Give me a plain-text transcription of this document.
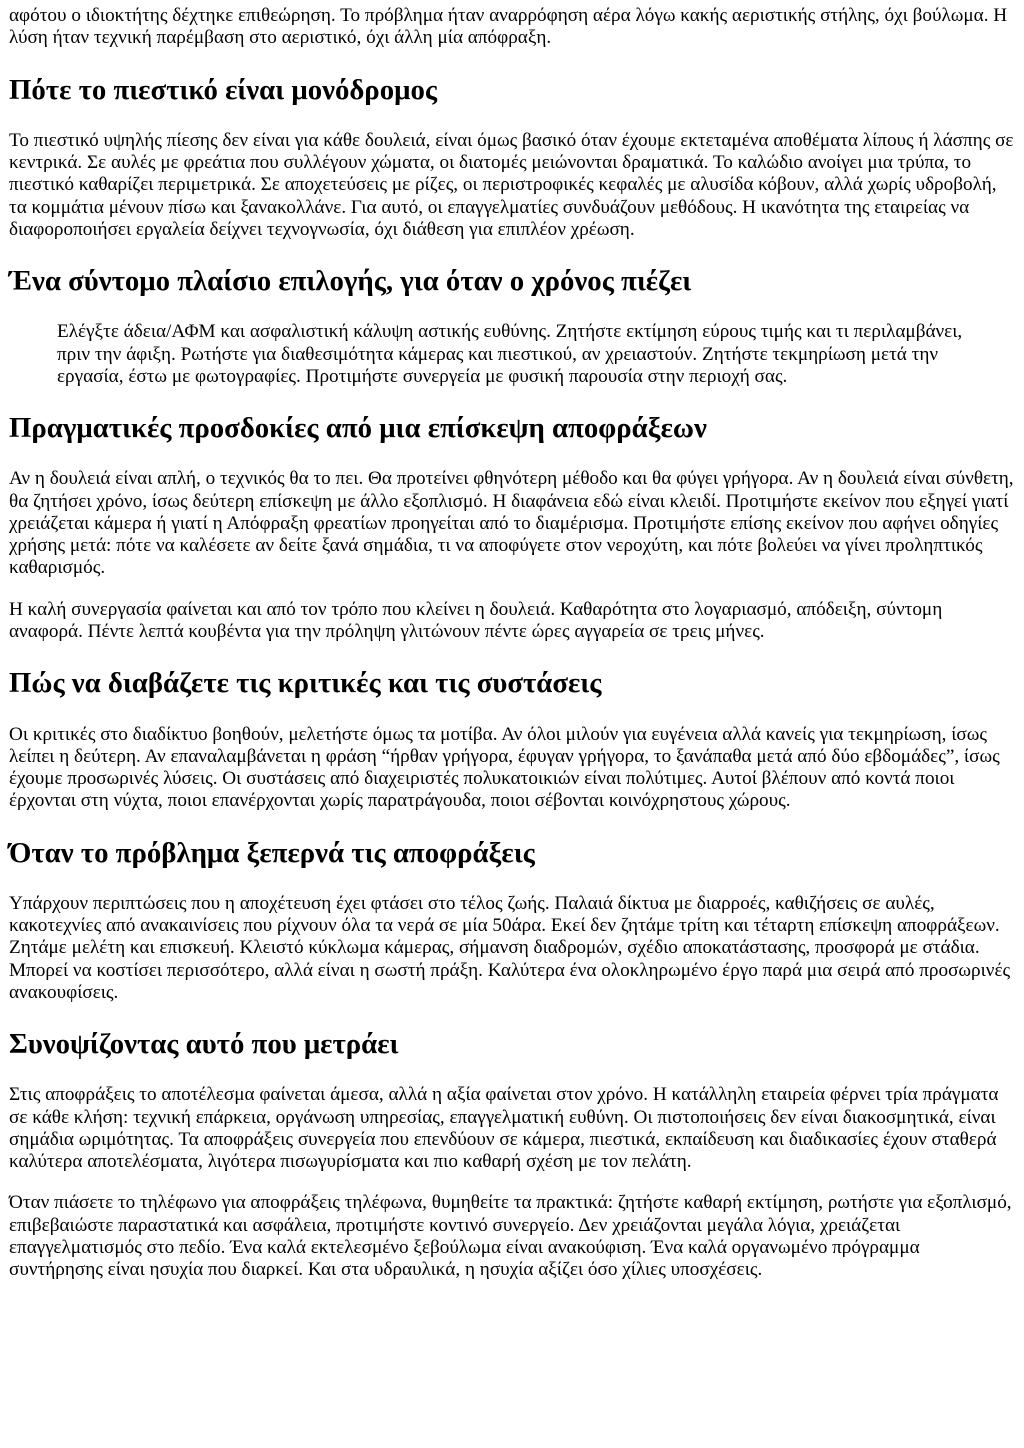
αφότου ο ιδιοκτήτης δέχτηκε επιθεώρηση. Το πρόβλημα ήταν αναρρόφηση αέρα λόγω κακής αεριστικής στήλης, όχι βούλωμα. Η λύση ήταν τεχνική παρέμβαση στο αεριστικό, όχι άλλη μία απόφραξη.

Πότε το πιεστικό είναι μονόδρομος

Το πιεστικό υψηλής πίεσης δεν είναι για κάθε δουλειά, είναι όμως βασικό όταν έχουμε εκτεταμένα αποθέματα λίπους ή λάσπης σε κεντρικά. Σε αυλές με φρεάτια που συλλέγουν χώματα, οι διατομές μειώνονται δραματικά. Το καλώδιο ανοίγει μια τρύπα, το πιεστικό καθαρίζει περιμετρικά. Σε αποχετεύσεις με ρίζες, οι περιστροφικές κεφαλές με αλυσίδα κόβουν, αλλά χωρίς υδροβολή, τα κομμάτια μένουν πίσω και ξανακολλάνε. Για αυτό, οι επαγγελματίες συνδυάζουν μεθόδους. Η ικανότητα της εταιρείας να διαφοροποιήσει εργαλεία δείχνει τεχνογνωσία, όχι διάθεση για επιπλέον χρέωση.

Ένα σύντομο πλαίσιο επιλογής, για όταν ο χρόνος πιέζει
Ελέγξτε άδεια/ΑΦΜ και ασφαλιστική κάλυψη αστικής ευθύνης. Ζητήστε εκτίμηση εύρους τιμής και τι περιλαμβάνει, πριν την άφιξη. Ρωτήστε για διαθεσιμότητα κάμερας και πιεστικού, αν χρειαστούν. Ζητήστε τεκμηρίωση μετά την εργασία, έστω με φωτογραφίες. Προτιμήστε συνεργεία με φυσική παρουσία στην περιοχή σας.
Πραγματικές προσδοκίες από μια επίσκεψη αποφράξεων

Αν η δουλειά είναι απλή, ο τεχνικός θα το πει. Θα προτείνει φθηνότερη μέθοδο και θα φύγει γρήγορα. Αν η δουλειά είναι σύνθετη, θα ζητήσει χρόνο, ίσως δεύτερη επίσκεψη με άλλο εξοπλισμό. Η διαφάνεια εδώ είναι κλειδί. Προτιμήστε εκείνον που εξηγεί γιατί χρειάζεται κάμερα ή γιατί η Απόφραξη φρεατίων προηγείται από το διαμέρισμα. Προτιμήστε επίσης εκείνον που αφήνει οδηγίες χρήσης μετά: πότε να καλέσετε αν δείτε ξανά σημάδια, τι να αποφύγετε στον νεροχύτη, και πότε βολεύει να γίνει προληπτικός καθαρισμός.

Η καλή συνεργασία φαίνεται και από τον τρόπο που κλείνει η δουλειά. Καθαρότητα στο λογαριασμό, απόδειξη, σύντομη αναφορά. Πέντε λεπτά κουβέντα για την πρόληψη γλιτώνουν πέντε ώρες αγγαρεία σε τρεις μήνες.

Πώς να διαβάζετε τις κριτικές και τις συστάσεις

Οι κριτικές στο διαδίκτυο βοηθούν, μελετήστε όμως τα μοτίβα. Αν όλοι μιλούν για ευγένεια αλλά κανείς για τεκμηρίωση, ίσως λείπει η δεύτερη. Αν επαναλαμβάνεται η φράση “ήρθαν γρήγορα, έφυγαν γρήγορα, το ξανάπαθα μετά από δύο εβδομάδες”, ίσως έχουμε προσωρινές λύσεις. Οι συστάσεις από διαχειριστές πολυκατοικιών είναι πολύτιμες. Αυτοί βλέπουν από κοντά ποιοι έρχονται στη νύχτα, ποιοι επανέρχονται χωρίς παρατράγουδα, ποιοι σέβονται κοινόχρηστους χώρους.

Όταν το πρόβλημα ξεπερνά τις αποφράξεις

Υπάρχουν περιπτώσεις που η αποχέτευση έχει φτάσει στο τέλος ζωής. Παλαιά δίκτυα με διαρροές, καθιζήσεις σε αυλές, κακοτεχνίες από ανακαινίσεις που ρίχνουν όλα τα νερά σε μία 50άρα. Εκεί δεν ζητάμε τρίτη και τέταρτη επίσκεψη αποφράξεων. Ζητάμε μελέτη και επισκευή. Κλειστό κύκλωμα κάμερας, σήμανση διαδρομών, σχέδιο αποκατάστασης, προσφορά με στάδια. Μπορεί να κοστίσει περισσότερο, αλλά είναι η σωστή πράξη. Καλύτερα ένα ολοκληρωμένο έργο παρά μια σειρά από προσωρινές ανακουφίσεις.

Συνοψίζοντας αυτό που μετράει

Στις αποφράξεις το αποτέλεσμα φαίνεται άμεσα, αλλά η αξία φαίνεται στον χρόνο. Η κατάλληλη εταιρεία φέρνει τρία πράγματα σε κάθε κλήση: τεχνική επάρκεια, οργάνωση υπηρεσίας, επαγγελματική ευθύνη. Οι πιστοποιήσεις δεν είναι διακοσμητικά, είναι σημάδια ωριμότητας. Τα αποφράξεις συνεργεία που επενδύουν σε κάμερα, πιεστικά, εκπαίδευση και διαδικασίες έχουν σταθερά καλύτερα αποτελέσματα, λιγότερα πισωγυρίσματα και πιο καθαρή σχέση με τον πελάτη.

Όταν πιάσετε το τηλέφωνο για αποφράξεις τηλέφωνα, θυμηθείτε τα πρακτικά: ζητήστε καθαρή εκτίμηση, ρωτήστε για εξοπλισμό, επιβεβαιώστε παραστατικά και ασφάλεια, προτιμήστε κοντινό συνεργείο. Δεν χρειάζονται μεγάλα λόγια, χρειάζεται επαγγελματισμός στο πεδίο. Ένα καλά εκτελεσμένο ξεβούλωμα είναι ανακούφιση. Ένα καλά οργανωμένο πρόγραμμα συντήρησης είναι ησυχία που διαρκεί. Και στα υδραυλικά, η ησυχία αξίζει όσο χίλιες υποσχέσεις.
